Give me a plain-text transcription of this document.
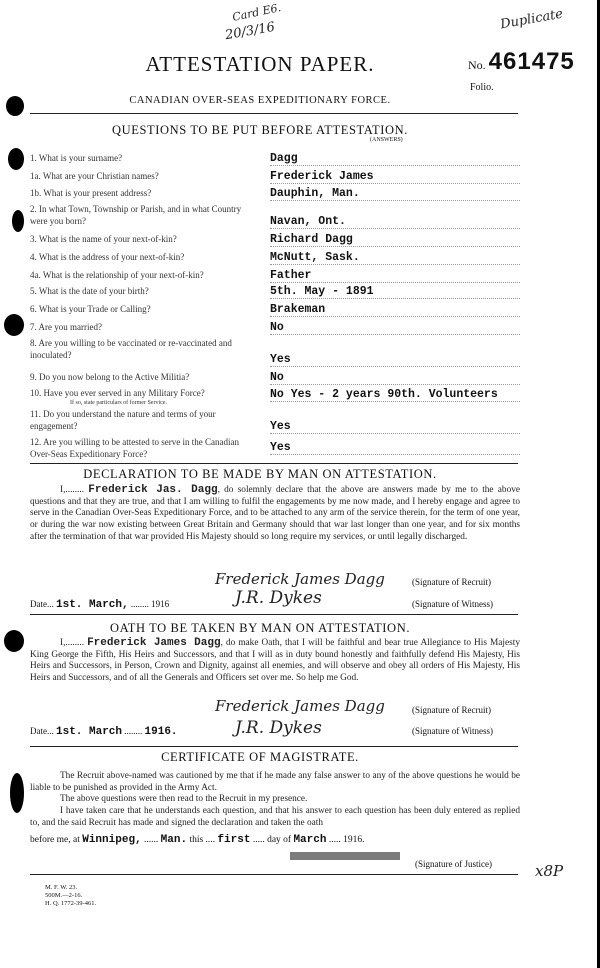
Card E6.
20/3/16	Duplicate
ATTESTATION PAPER.	No. 461475
Folio.
CANADIAN OVER-SEAS EXPEDITIONARY FORCE.
QUESTIONS TO BE PUT BEFORE ATTESTATION.
(ANSWERS)
1. What is your surname?	Dagg
1a. What are your Christian names?	Frederick James
1b. What is your present address?	Dauphin, Man.
2. In what Town, Township or Parish, and in what Country were you born?	Navan, Ont.
3. What is the name of your next-of-kin?	Richard Dagg
4. What is the address of your next-of-kin?	McNutt, Sask.
4a. What is the relationship of your next-of-kin?	Father
5. What is the date of your birth?	5th. May - 1891
6. What is your Trade or Calling?	Brakeman
7. Are you married?	No
8. Are you willing to be vaccinated or re-vaccinated and inoculated?	Yes
9. Do you now belong to the Active Militia?	No
10. Have you ever served in any Military Force?
If so, state particulars of former Service.
No Yes - 2 years 90th. Volunteers
11. Do you understand the nature and terms of your engagement?	Yes
12. Are you willing to be attested to serve in the Canadian Over-Seas Expeditionary Force?	Yes
DECLARATION TO BE MADE BY MAN ON ATTESTATION.
I,........ Frederick Jas. Dagg, do solemnly declare that the above are answers made by me to the above questions and that they are true, and that I am willing to fulfil the engagements by me now made, and I hereby engage and agree to serve in the Canadian Over-Seas Expeditionary Force, and to be attached to any arm of the service therein, for the term of one year, or during the war now existing between Great Britain and Germany should that war last longer than one year, and for six months after the termination of that war provided His Majesty should so long require my services, or until legally discharged.
Frederick James Dagg	(Signature of Recruit)
Date... 1st. March, ........ 1916	J.R. Dykes	(Signature of Witness)
OATH TO BE TAKEN BY MAN ON ATTESTATION.
I,........ Frederick James Dagg, do make Oath, that I will be faithful and bear true Allegiance to His Majesty King George the Fifth, His Heirs and Successors, and that I will as in duty bound honestly and faithfully defend His Majesty, His Heirs and Successors, in Person, Crown and Dignity, against all enemies, and will observe and obey all orders of His Majesty, His Heirs and Successors, and of all the Generals and Officers set over me. So help me God.
Frederick James Dagg	(Signature of Recruit)
Date... 1st. March ........ 1916.	J.R. Dykes	(Signature of Witness)
CERTIFICATE OF MAGISTRATE.
The Recruit above-named was cautioned by me that if he made any false answer to any of the above questions he would be liable to be punished as provided in the Army Act.
The above questions were then read to the Recruit in my presence.
I have taken care that he understands each question, and that his answer to each question has been duly entered as replied to, and the said Recruit has made and signed the declaration and taken the oath
before me, at Winnipeg, ...... Man. this .... first ..... day of March ..... 1916.
(Signature of Justice)	x8P
M. F. W. 23.
500M.—2-16.
H. Q. 1772-39-461.
